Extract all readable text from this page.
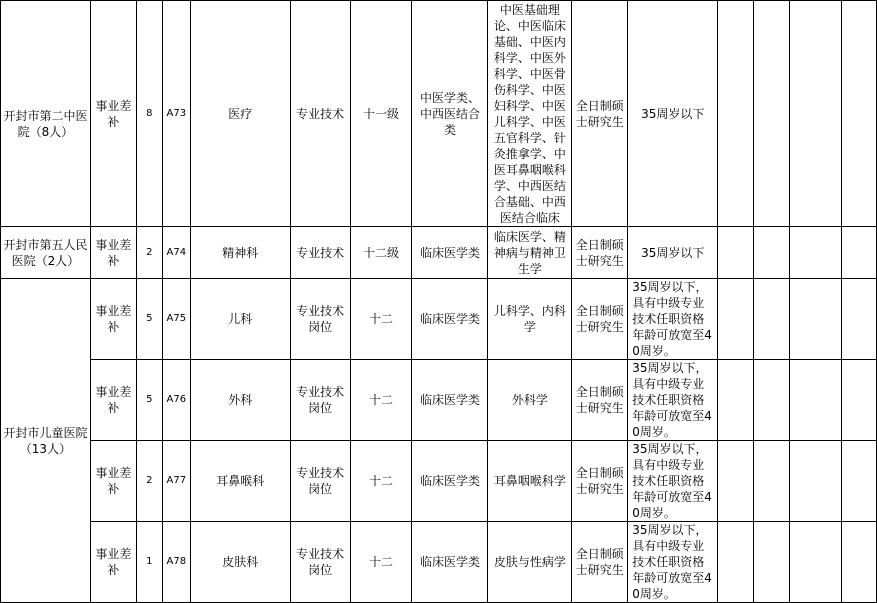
开封市第二中医院（8人）	事业差补	8	A73	医疗	专业技术	十一级	中医学类、中西医结合类	中医基础理论、中医临床基础、中医内科学、中医外科学、中医骨伤科学、中医妇科学、中医儿科学、中医五官科学、针灸推拿学、中医耳鼻咽喉科学、中西医结合基础、中西医结合临床	全日制硕士研究生	35周岁以下				
开封市第五人民医院（2人）	事业差补	2	A74	精神科	专业技术	十二级	临床医学类	临床医学、精神病与精神卫生学	全日制硕士研究生	35周岁以下				
开封市儿童医院（13人）	事业差补	5	A75	儿科	专业技术岗位	十二	临床医学类	儿科学、内科学	全日制硕士研究生	35周岁以下，具有中级专业技术任职资格年龄可放宽至40周岁。				
	事业差补	5	A76	外科	专业技术岗位	十二	临床医学类	外科学	全日制硕士研究生	35周岁以下，具有中级专业技术任职资格年龄可放宽至40周岁。				
	事业差补	2	A77	耳鼻喉科	专业技术岗位	十二	临床医学类	耳鼻咽喉科学	全日制硕士研究生	35周岁以下，具有中级专业技术任职资格年龄可放宽至40周岁。				
	事业差补	1	A78	皮肤科	专业技术岗位	十二	临床医学类	皮肤与性病学	全日制硕士研究生	35周岁以下，具有中级专业技术任职资格年龄可放宽至40周岁。				
